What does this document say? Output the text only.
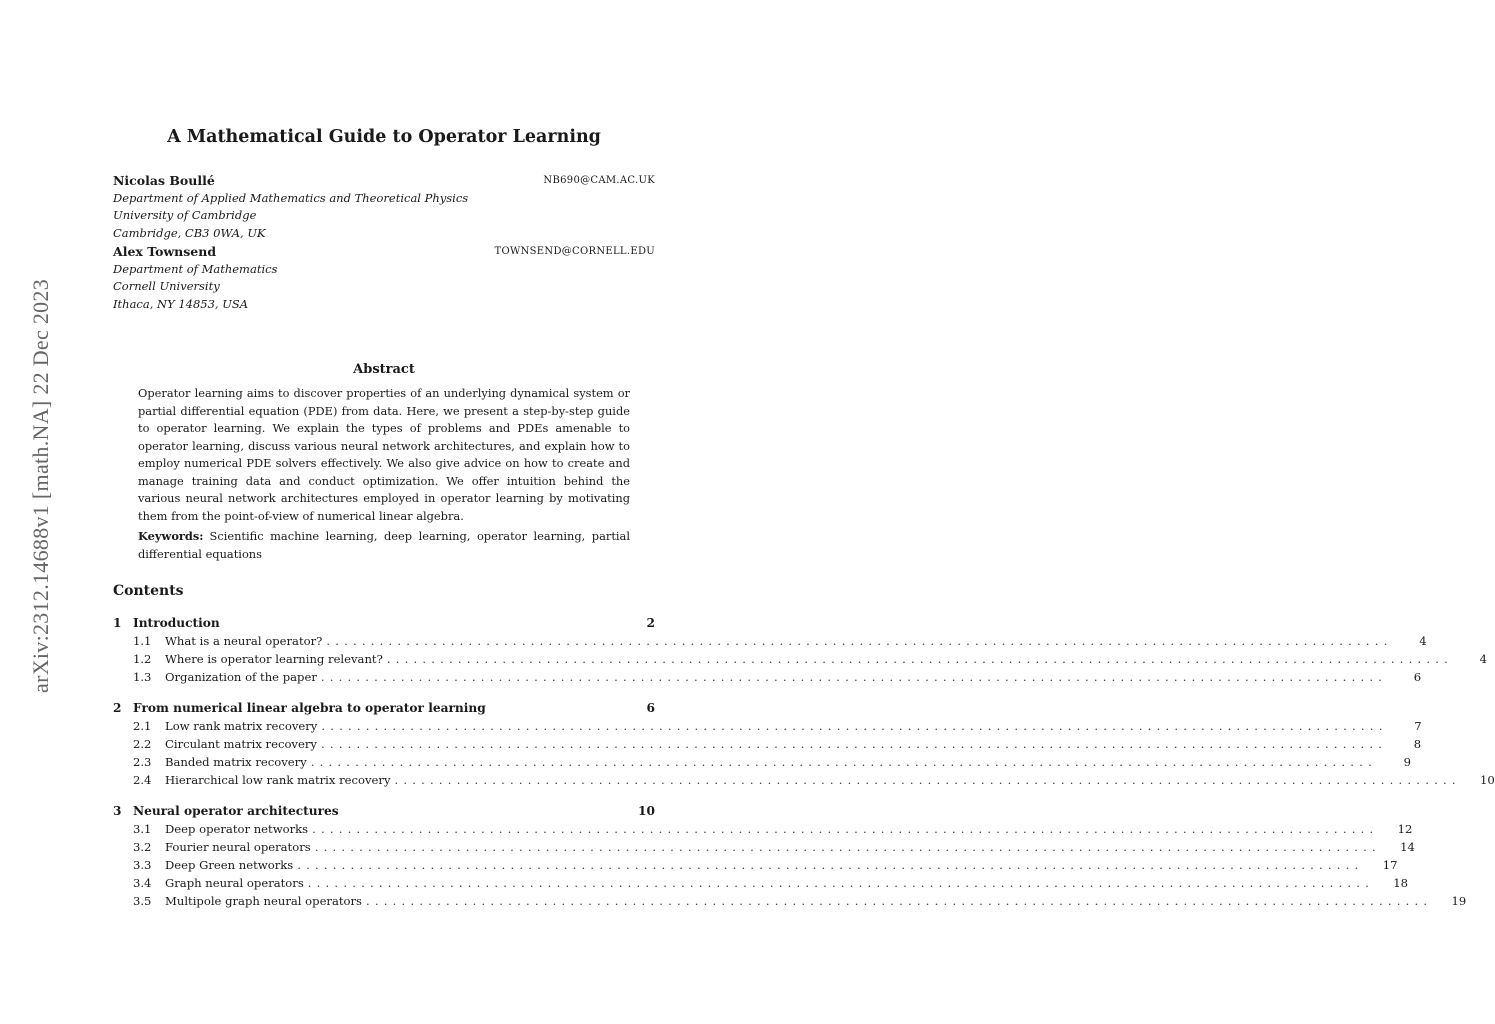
arXiv:2312.14688v1 [math.NA] 22 Dec 2023
A Mathematical Guide to Operator Learning
Nicolas Boullé	NB690@CAM.AC.UK
Department of Applied Mathematics and Theoretical Physics
University of Cambridge
Cambridge, CB3 0WA, UK
Alex Townsend	TOWNSEND@CORNELL.EDU
Department of Mathematics
Cornell University
Ithaca, NY 14853, USA
Abstract
Operator learning aims to discover properties of an underlying dynamical system or partial differential equation (PDE) from data. Here, we present a step-by-step guide to operator learning. We explain the types of problems and PDEs amenable to operator learning, discuss various neural network architectures, and explain how to employ numerical PDE solvers effectively. We also give advice on how to create and manage training data and conduct optimization. We offer intuition behind the various neural network architectures employed in operator learning by motivating them from the point-of-view of numerical linear algebra.
Keywords: Scientific machine learning, deep learning, operator learning, partial differential equations
Contents
1 Introduction	2
1.1	What is a neural operator? ........................................................................................................................	4
1.2	Where is operator learning relevant? ........................................................................................................................	4
1.3	Organization of the paper ........................................................................................................................	6
2 From numerical linear algebra to operator learning	6
2.1	Low rank matrix recovery ........................................................................................................................	7
2.2	Circulant matrix recovery ........................................................................................................................	8
2.3	Banded matrix recovery ........................................................................................................................	9
2.4	Hierarchical low rank matrix recovery ........................................................................................................................	10
3 Neural operator architectures	10
3.1	Deep operator networks ........................................................................................................................	12
3.2	Fourier neural operators ........................................................................................................................	14
3.3	Deep Green networks ........................................................................................................................	17
3.4	Graph neural operators ........................................................................................................................	18
3.5	Multipole graph neural operators ........................................................................................................................	19
